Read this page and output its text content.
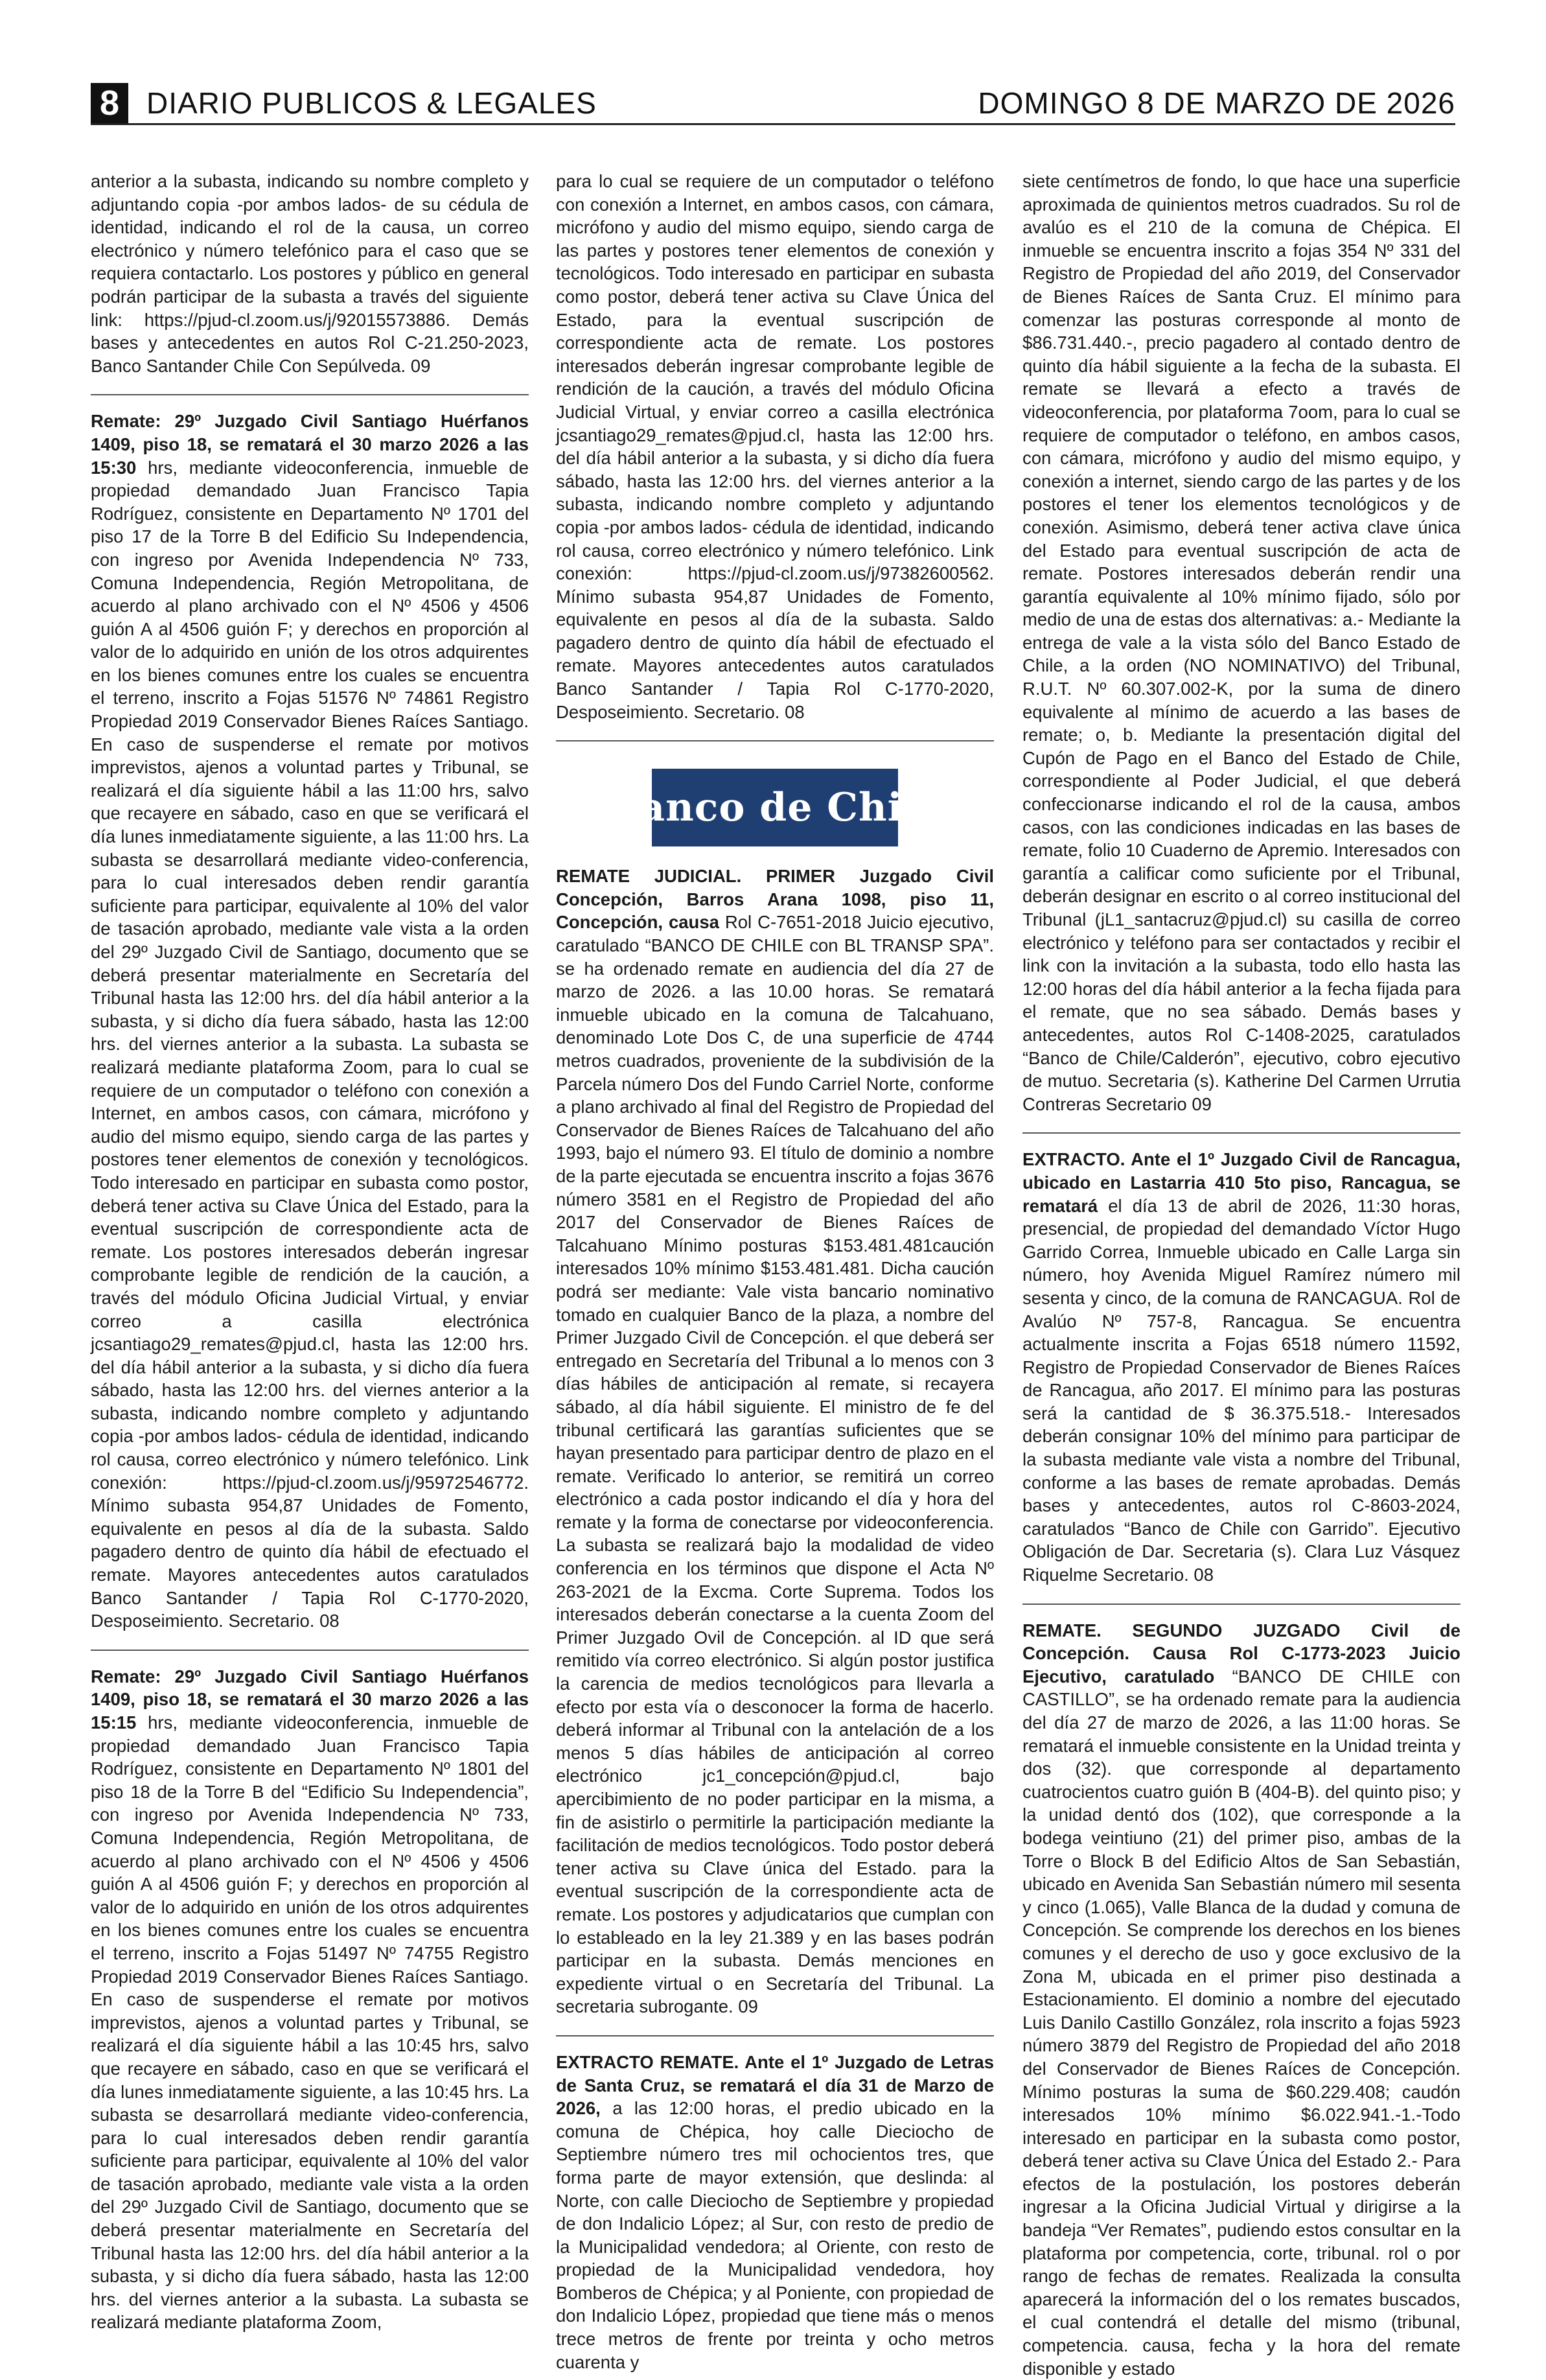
8 DIARIO PUBLICOS & LEGALES	DOMINGO 8 DE MARZO DE 2026

anterior a la subasta, indicando su nombre completo y adjuntando copia -por ambos lados- de su cédula de identidad, indicando el rol de la causa, un correo electrónico y número telefónico para el caso que se requiera contactarlo. Los postores y público en general podrán participar de la subasta a través del siguiente link: https://pjud-cl.zoom.us/j/92015573886. Demás bases y antecedentes en autos Rol C-21.250-2023, Banco Santander Chile Con Sepúlveda. 09

Remate: 29º Juzgado Civil Santiago Huérfanos 1409, piso 18, se rematará el 30 marzo 2026 a las 15:30 hrs, mediante videoconferencia, inmueble de propiedad demandado Juan Francisco Tapia Rodríguez, consistente en Departamento Nº 1701 del piso 17 de la Torre B del Edificio Su Independencia, con ingreso por Avenida Independencia Nº 733, Comuna Independencia, Región Metropolitana, de acuerdo al plano archivado con el Nº 4506 y 4506 guión A al 4506 guión F; y derechos en proporción al valor de lo adquirido en unión de los otros adquirentes en los bienes comunes entre los cuales se encuentra el terreno, inscrito a Fojas 51576 Nº 74861 Registro Propiedad 2019 Conservador Bienes Raíces Santiago. En caso de suspenderse el remate por motivos imprevistos, ajenos a voluntad partes y Tribunal, se realizará el día siguiente hábil a las 11:00 hrs, salvo que recayere en sábado, caso en que se verificará el día lunes inmediatamente siguiente, a las 11:00 hrs. La subasta se desarrollará mediante video-conferencia, para lo cual interesados deben rendir garantía suficiente para participar, equivalente al 10% del valor de tasación aprobado, mediante vale vista a la orden del 29º Juzgado Civil de Santiago, documento que se deberá presentar materialmente en Secretaría del Tribunal hasta las 12:00 hrs. del día hábil anterior a la subasta, y si dicho día fuera sábado, hasta las 12:00 hrs. del viernes anterior a la subasta. La subasta se realizará mediante plataforma Zoom, para lo cual se requiere de un computador o teléfono con conexión a Internet, en ambos casos, con cámara, micrófono y audio del mismo equipo, siendo carga de las partes y postores tener elementos de conexión y tecnológicos. Todo interesado en participar en subasta como postor, deberá tener activa su Clave Única del Estado, para la eventual suscripción de correspondiente acta de remate. Los postores interesados deberán ingresar comprobante legible de rendición de la caución, a través del módulo Oficina Judicial Virtual, y enviar correo a casilla electrónica jcsantiago29_remates@pjud.cl, hasta las 12:00 hrs. del día hábil anterior a la subasta, y si dicho día fuera sábado, hasta las 12:00 hrs. del viernes anterior a la subasta, indicando nombre completo y adjuntando copia -por ambos lados- cédula de identidad, indicando rol causa, correo electrónico y número telefónico. Link conexión: https://pjud-cl.zoom.us/j/95972546772. Mínimo subasta 954,87 Unidades de Fomento, equivalente en pesos al día de la subasta. Saldo pagadero dentro de quinto día hábil de efectuado el remate. Mayores antecedentes autos caratulados Banco Santander / Tapia Rol C-1770-2020, Desposeimiento. Secretario. 08

Remate: 29º Juzgado Civil Santiago Huérfanos 1409, piso 18, se rematará el 30 marzo 2026 a las 15:15 hrs, mediante videoconferencia, inmueble de propiedad demandado Juan Francisco Tapia Rodríguez, consistente en Departamento Nº 1801 del piso 18 de la Torre B del “Edificio Su Independencia”, con ingreso por Avenida Independencia Nº 733, Comuna Independencia, Región Metropolitana, de acuerdo al plano archivado con el Nº 4506 y 4506 guión A al 4506 guión F; y derechos en proporción al valor de lo adquirido en unión de los otros adquirentes en los bienes comunes entre los cuales se encuentra el terreno, inscrito a Fojas 51497 Nº 74755 Registro Propiedad 2019 Conservador Bienes Raíces Santiago. En caso de suspenderse el remate por motivos imprevistos, ajenos a voluntad partes y Tribunal, se realizará el día siguiente hábil a las 10:45 hrs, salvo que recayere en sábado, caso en que se verificará el día lunes inmediatamente siguiente, a las 10:45 hrs. La subasta se desarrollará mediante video-conferencia, para lo cual interesados deben rendir garantía suficiente para participar, equivalente al 10% del valor de tasación aprobado, mediante vale vista a la orden del 29º Juzgado Civil de Santiago, documento que se deberá presentar materialmente en Secretaría del Tribunal hasta las 12:00 hrs. del día hábil anterior a la subasta, y si dicho día fuera sábado, hasta las 12:00 hrs. del viernes anterior a la subasta. La subasta se realizará mediante plataforma Zoom,

para lo cual se requiere de un computador o teléfono con conexión a Internet, en ambos casos, con cámara, micrófono y audio del mismo equipo, siendo carga de las partes y postores tener elementos de conexión y tecnológicos. Todo interesado en participar en subasta como postor, deberá tener activa su Clave Única del Estado, para la eventual suscripción de correspondiente acta de remate. Los postores interesados deberán ingresar comprobante legible de rendición de la caución, a través del módulo Oficina Judicial Virtual, y enviar correo a casilla electrónica jcsantiago29_remates@pjud.cl, hasta las 12:00 hrs. del día hábil anterior a la subasta, y si dicho día fuera sábado, hasta las 12:00 hrs. del viernes anterior a la subasta, indicando nombre completo y adjuntando copia -por ambos lados- cédula de identidad, indicando rol causa, correo electrónico y número telefónico. Link conexión: https://pjud-cl.zoom.us/j/97382600562. Mínimo subasta 954,87 Unidades de Fomento, equivalente en pesos al día de la subasta. Saldo pagadero dentro de quinto día hábil de efectuado el remate. Mayores antecedentes autos caratulados Banco Santander / Tapia Rol C-1770-2020, Desposeimiento. Secretario. 08

Banco de Chile

REMATE JUDICIAL. PRIMER Juzgado Civil Concepción, Barros Arana 1098, piso 11, Concepción, causa Rol C-7651-2018 Juicio ejecutivo, caratulado “BANCO DE CHILE con BL TRANSP SPA”. se ha ordenado remate en audiencia del día 27 de marzo de 2026. a las 10.00 horas. Se rematará inmueble ubicado en la comuna de Talcahuano, denominado Lote Dos C, de una superficie de 4744 metros cuadrados, proveniente de la subdivisión de la Parcela número Dos del Fundo Carriel Norte, conforme a plano archivado al final del Registro de Propiedad del Conservador de Bienes Raíces de Talcahuano del año 1993, bajo el número 93. El título de dominio a nombre de la parte ejecutada se encuentra inscrito a fojas 3676 número 3581 en el Registro de Propiedad del año 2017 del Conservador de Bienes Raíces de Talcahuano Mínimo posturas $153.481.481caución interesados 10% mínimo $153.481.481. Dicha caución podrá ser mediante: Vale vista bancario nominativo tomado en cualquier Banco de la plaza, a nombre del Primer Juzgado Civil de Concepción. el que deberá ser entregado en Secretaría del Tribunal a lo menos con 3 días hábiles de anticipación al remate, si recayera sábado, al día hábil siguiente. El ministro de fe del tribunal certificará las garantías suficientes que se hayan presentado para participar dentro de plazo en el remate. Verificado lo anterior, se remitirá un correo electrónico a cada postor indicando el día y hora del remate y la forma de conectarse por videoconferencia. La subasta se realizará bajo la modalidad de video conferencia en los términos que dispone el Acta Nº 263-2021 de la Excma. Corte Suprema. Todos los interesados deberán conectarse a la cuenta Zoom del Primer Juzgado Ovil de Concepción. al ID que será remitido vía correo electrónico. Si algún postor justifica la carencia de medios tecnológicos para llevarla a efecto por esta vía o desconocer la forma de hacerlo. deberá informar al Tribunal con la antelación de a los menos 5 días hábiles de anticipación al correo electrónico jc1_concepción@pjud.cl, bajo apercibimiento de no poder participar en la misma, a fin de asistirlo o permitirle la participación mediante la facilitación de medios tecnológicos. Todo postor deberá tener activa su Clave única del Estado. para la eventual suscripción de la correspondiente acta de remate. Los postores y adjudicatarios que cumplan con lo estableado en la ley 21.389 y en las bases podrán participar en la subasta. Demás menciones en expediente virtual o en Secretaría del Tribunal. La secretaria subrogante. 09

EXTRACTO REMATE. Ante el 1º Juzgado de Letras de Santa Cruz, se rematará el día 31 de Marzo de 2026, a las 12:00 horas, el predio ubicado en la comuna de Chépica, hoy calle Dieciocho de Septiembre número tres mil ochocientos tres, que forma parte de mayor extensión, que deslinda: al Norte, con calle Dieciocho de Septiembre y propiedad de don Indalicio López; al Sur, con resto de predio de la Municipalidad vendedora; al Oriente, con resto de propiedad de la Municipalidad vendedora, hoy Bomberos de Chépica; y al Poniente, con propiedad de don Indalicio López, propiedad que tiene más o menos trece metros de frente por treinta y ocho metros cuarenta y

siete centímetros de fondo, lo que hace una superficie aproximada de quinientos metros cuadrados. Su rol de avalúo es el 210 de la comuna de Chépica. El inmueble se encuentra inscrito a fojas 354 Nº 331 del Registro de Propiedad del año 2019, del Conservador de Bienes Raíces de Santa Cruz. El mínimo para comenzar las posturas corresponde al monto de $86.731.440.-, precio pagadero al contado dentro de quinto día hábil siguiente a la fecha de la subasta. El remate se llevará a efecto a través de videoconferencia, por plataforma 7oom, para lo cual se requiere de computador o teléfono, en ambos casos, con cámara, micrófono y audio del mismo equipo, y conexión a internet, siendo cargo de las partes y de los postores el tener los elementos tecnológicos y de conexión. Asimismo, deberá tener activa clave única del Estado para eventual suscripción de acta de remate. Postores interesados deberán rendir una garantía equivalente al 10% mínimo fijado, sólo por medio de una de estas dos alternativas: a.- Mediante la entrega de vale a la vista sólo del Banco Estado de Chile, a la orden (NO NOMINATIVO) del Tribunal, R.U.T. Nº 60.307.002-K, por la suma de dinero equivalente al mínimo de acuerdo a las bases de remate; o, b. Mediante la presentación digital del Cupón de Pago en el Banco del Estado de Chile, correspondiente al Poder Judicial, el que deberá confeccionarse indicando el rol de la causa, ambos casos, con las condiciones indicadas en las bases de remate, folio 10 Cuaderno de Apremio. Interesados con garantía a calificar como suficiente por el Tribunal, deberán designar en escrito o al correo institucional del Tribunal (jL1_santacruz@pjud.cl) su casilla de correo electrónico y teléfono para ser contactados y recibir el link con la invitación a la subasta, todo ello hasta las 12:00 horas del día hábil anterior a la fecha fijada para el remate, que no sea sábado. Demás bases y antecedentes, autos Rol C-1408-2025, caratulados “Banco de Chile/Calderón”, ejecutivo, cobro ejecutivo de mutuo. Secretaria (s). Katherine Del Carmen Urrutia Contreras Secretario 09

EXTRACTO. Ante el 1º Juzgado Civil de Rancagua, ubicado en Lastarria 410 5to piso, Rancagua, se rematará el día 13 de abril de 2026, 11:30 horas, presencial, de propiedad del demandado Víctor Hugo Garrido Correa, Inmueble ubicado en Calle Larga sin número, hoy Avenida Miguel Ramírez número mil sesenta y cinco, de la comuna de RANCAGUA. Rol de Avalúo Nº 757-8, Rancagua. Se encuentra actualmente inscrita a Fojas 6518 número 11592, Registro de Propiedad Conservador de Bienes Raíces de Rancagua, año 2017. El mínimo para las posturas será la cantidad de $ 36.375.518.- Interesados deberán consignar 10% del mínimo para participar de la subasta mediante vale vista a nombre del Tribunal, conforme a las bases de remate aprobadas. Demás bases y antecedentes, autos rol C-8603-2024, caratulados “Banco de Chile con Garrido”. Ejecutivo Obligación de Dar. Secretaria (s). Clara Luz Vásquez Riquelme Secretario. 08

REMATE. SEGUNDO JUZGADO Civil de Concepción. Causa Rol C-1773-2023 Juicio Ejecutivo, caratulado “BANCO DE CHILE con CASTILLO”, se ha ordenado remate para la audiencia del día 27 de marzo de 2026, a las 11:00 horas. Se rematará el inmueble consistente en la Unidad treinta y dos (32). que corresponde al departamento cuatrocientos cuatro guión B (404-B). del quinto piso; y la unidad dentó dos (102), que corresponde a la bodega veintiuno (21) del primer piso, ambas de la Torre o Block B del Edificio Altos de San Sebastián, ubicado en Avenida San Sebastián número mil sesenta y cinco (1.065), Valle Blanca de la dudad y comuna de Concepción. Se comprende los derechos en los bienes comunes y el derecho de uso y goce exclusivo de la Zona M, ubicada en el primer piso destinada a Estacionamiento. El dominio a nombre del ejecutado Luis Danilo Castillo González, rola inscrito a fojas 5923 número 3879 del Registro de Propiedad del año 2018 del Conservador de Bienes Raíces de Concepción. Mínimo posturas la suma de $60.229.408; caudón interesados 10% mínimo $6.022.941.-1.-Todo interesado en participar en la subasta como postor, deberá tener activa su Clave Única del Estado 2.- Para efectos de la postulación, los postores deberán ingresar a la Oficina Judicial Virtual y dirigirse a la bandeja “Ver Remates”, pudiendo estos consultar en la plataforma por competencia, corte, tribunal. rol o por rango de fechas de remates. Realizada la consulta aparecerá la información del o los remates buscados, el cual contendrá el detalle del mismo (tribunal, competencia. causa, fecha y la hora del remate disponible y estado
